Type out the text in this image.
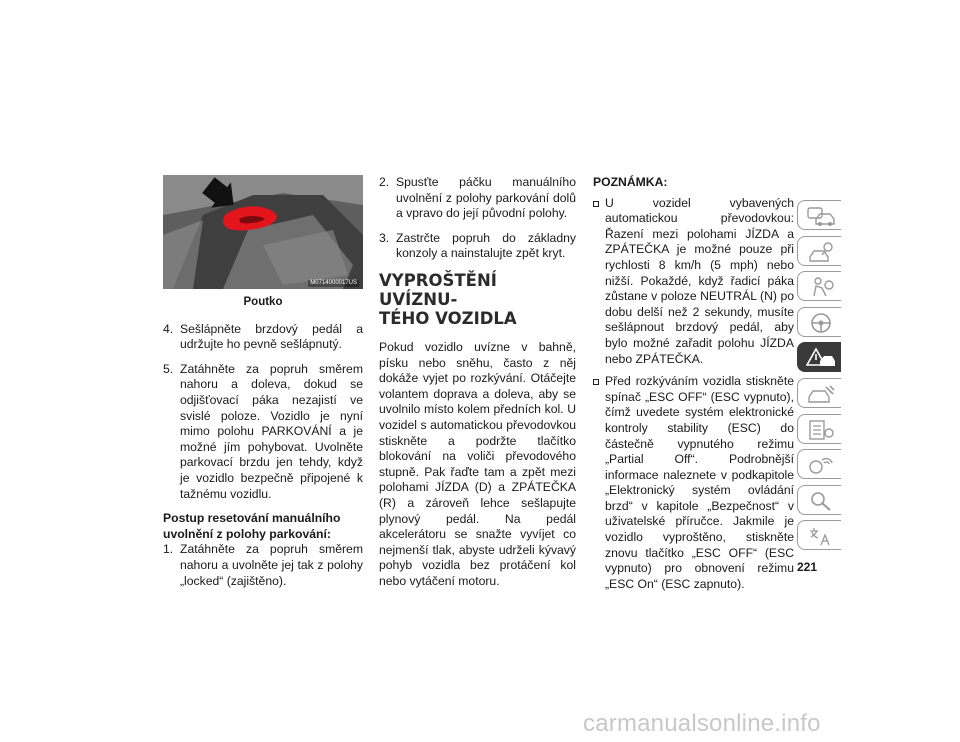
M0714000017US
Poutko
4. Sešlápněte brzdový pedál a udržujte ho pevně sešlápnutý.
5. Zatáhněte za popruh směrem nahoru a doleva, dokud se odjišťovací páka nezajistí ve svislé poloze. Vozidlo je nyní mimo polohu PARKOVÁNÍ a je možné jím pohybovat. Uvolněte parkovací brzdu jen tehdy, když je vozidlo bezpečně připojené k tažnému vozidlu.

Postup resetování manuálního uvolnění z polohy parkování:

1. Zatáhněte za popruh směrem nahoru a uvolněte jej tak z polohy „locked“ (zajištěno).
2. Spusťte páčku manuálního uvolnění z polohy parkování dolů a vpravo do její původní polohy.
3. Zastrčte popruh do základny konzoly a nainstalujte zpět kryt.
VYPROŠTĚNÍ UVÍZNU-
TÉHO VOZIDLA

Pokud vozidlo uvízne v bahně, písku nebo sněhu, často z něj dokáže vyjet po rozkývání. Otáčejte volantem doprava a doleva, aby se uvolnilo místo kolem předních kol. U vozidel s automatickou převodovkou stiskněte a podržte tlačítko blokování na voliči převodového stupně. Pak řaďte tam a zpět mezi polohami JÍZDA (D) a ZPÁTEČKA (R) a zároveň lehce sešlapujte plynový pedál. Na pedál akcelerátoru se snažte vyvíjet co nejmenší tlak, abyste udrželi kývavý pohyb vozidla bez protáčení kol nebo vytáčení motoru.

POZNÁMKA:
U vozidel vybavených automatickou převodovkou: Řazení mezi polohami JÍZDA a ZPÁTEČKA je možné pouze při rychlosti 8 km/h (5 mph) nebo nižší. Pokaždé, když řadicí páka zůstane v poloze NEUTRÁL (N) po dobu delší než 2 sekundy, musíte sešlápnout brzdový pedál, aby bylo možné zařadit polohu JÍZDA nebo ZPÁTEČKA.
Před rozkýváním vozidla stiskněte spínač „ESC OFF“ (ESC vypnuto), čímž uvedete systém elektronické kontroly stability (ESC) do částečně vypnutého režimu „Partial Off“. Podrobnější informace naleznete v podkapitole „Elektronický systém ovládání brzd“ v kapitole „Bezpečnost“ v uživatelské příručce. Jakmile je vozidlo vyproštěno, stiskněte znovu tlačítko „ESC OFF“ (ESC vypnuto) pro obnovení režimu „ESC On“ (ESC zapnuto).
221
carmanualsonline.info
